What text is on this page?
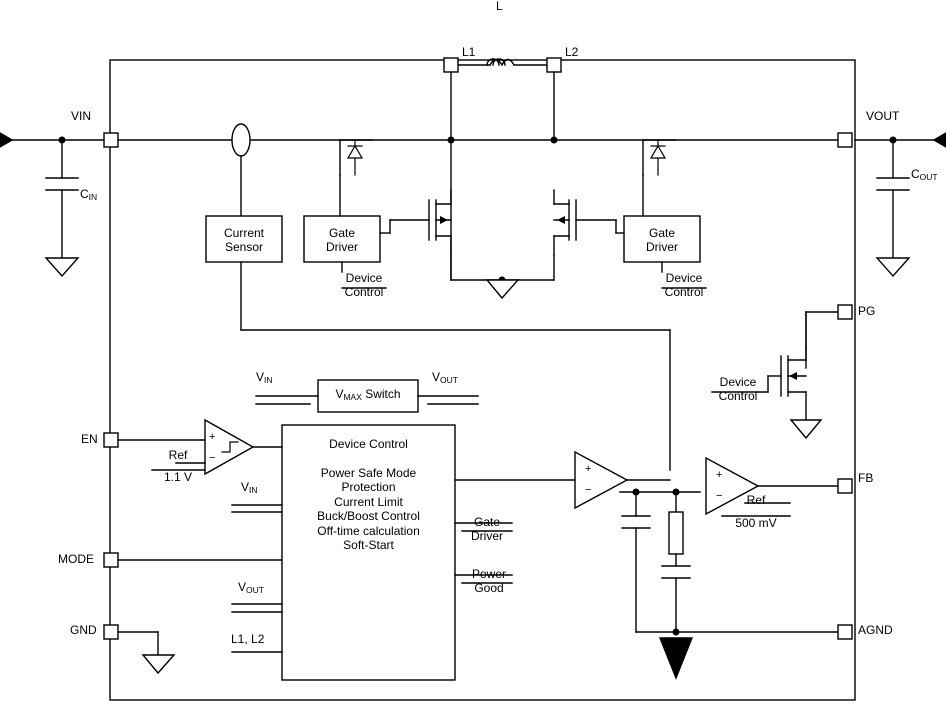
VIN	VOUT
CIN
COUT
L
L1	L2
Current
Sensor
Gate
Driver
Gate
Driver
Device
Control
Device
Control
Device
Control
PG
FB
AGND
EN
MODE
GND
VMAX Switch
VIN	VOUT
+
−
Ref
1.1 V
Device Control
Power Safe Mode
Protection
Current Limit
Buck/Boost Control
Off-time calculation
Soft-Start
VIN
VOUT
L1, L2
Gate
Driver
Power
Good
+
−
+
−	Ref
500 mV
